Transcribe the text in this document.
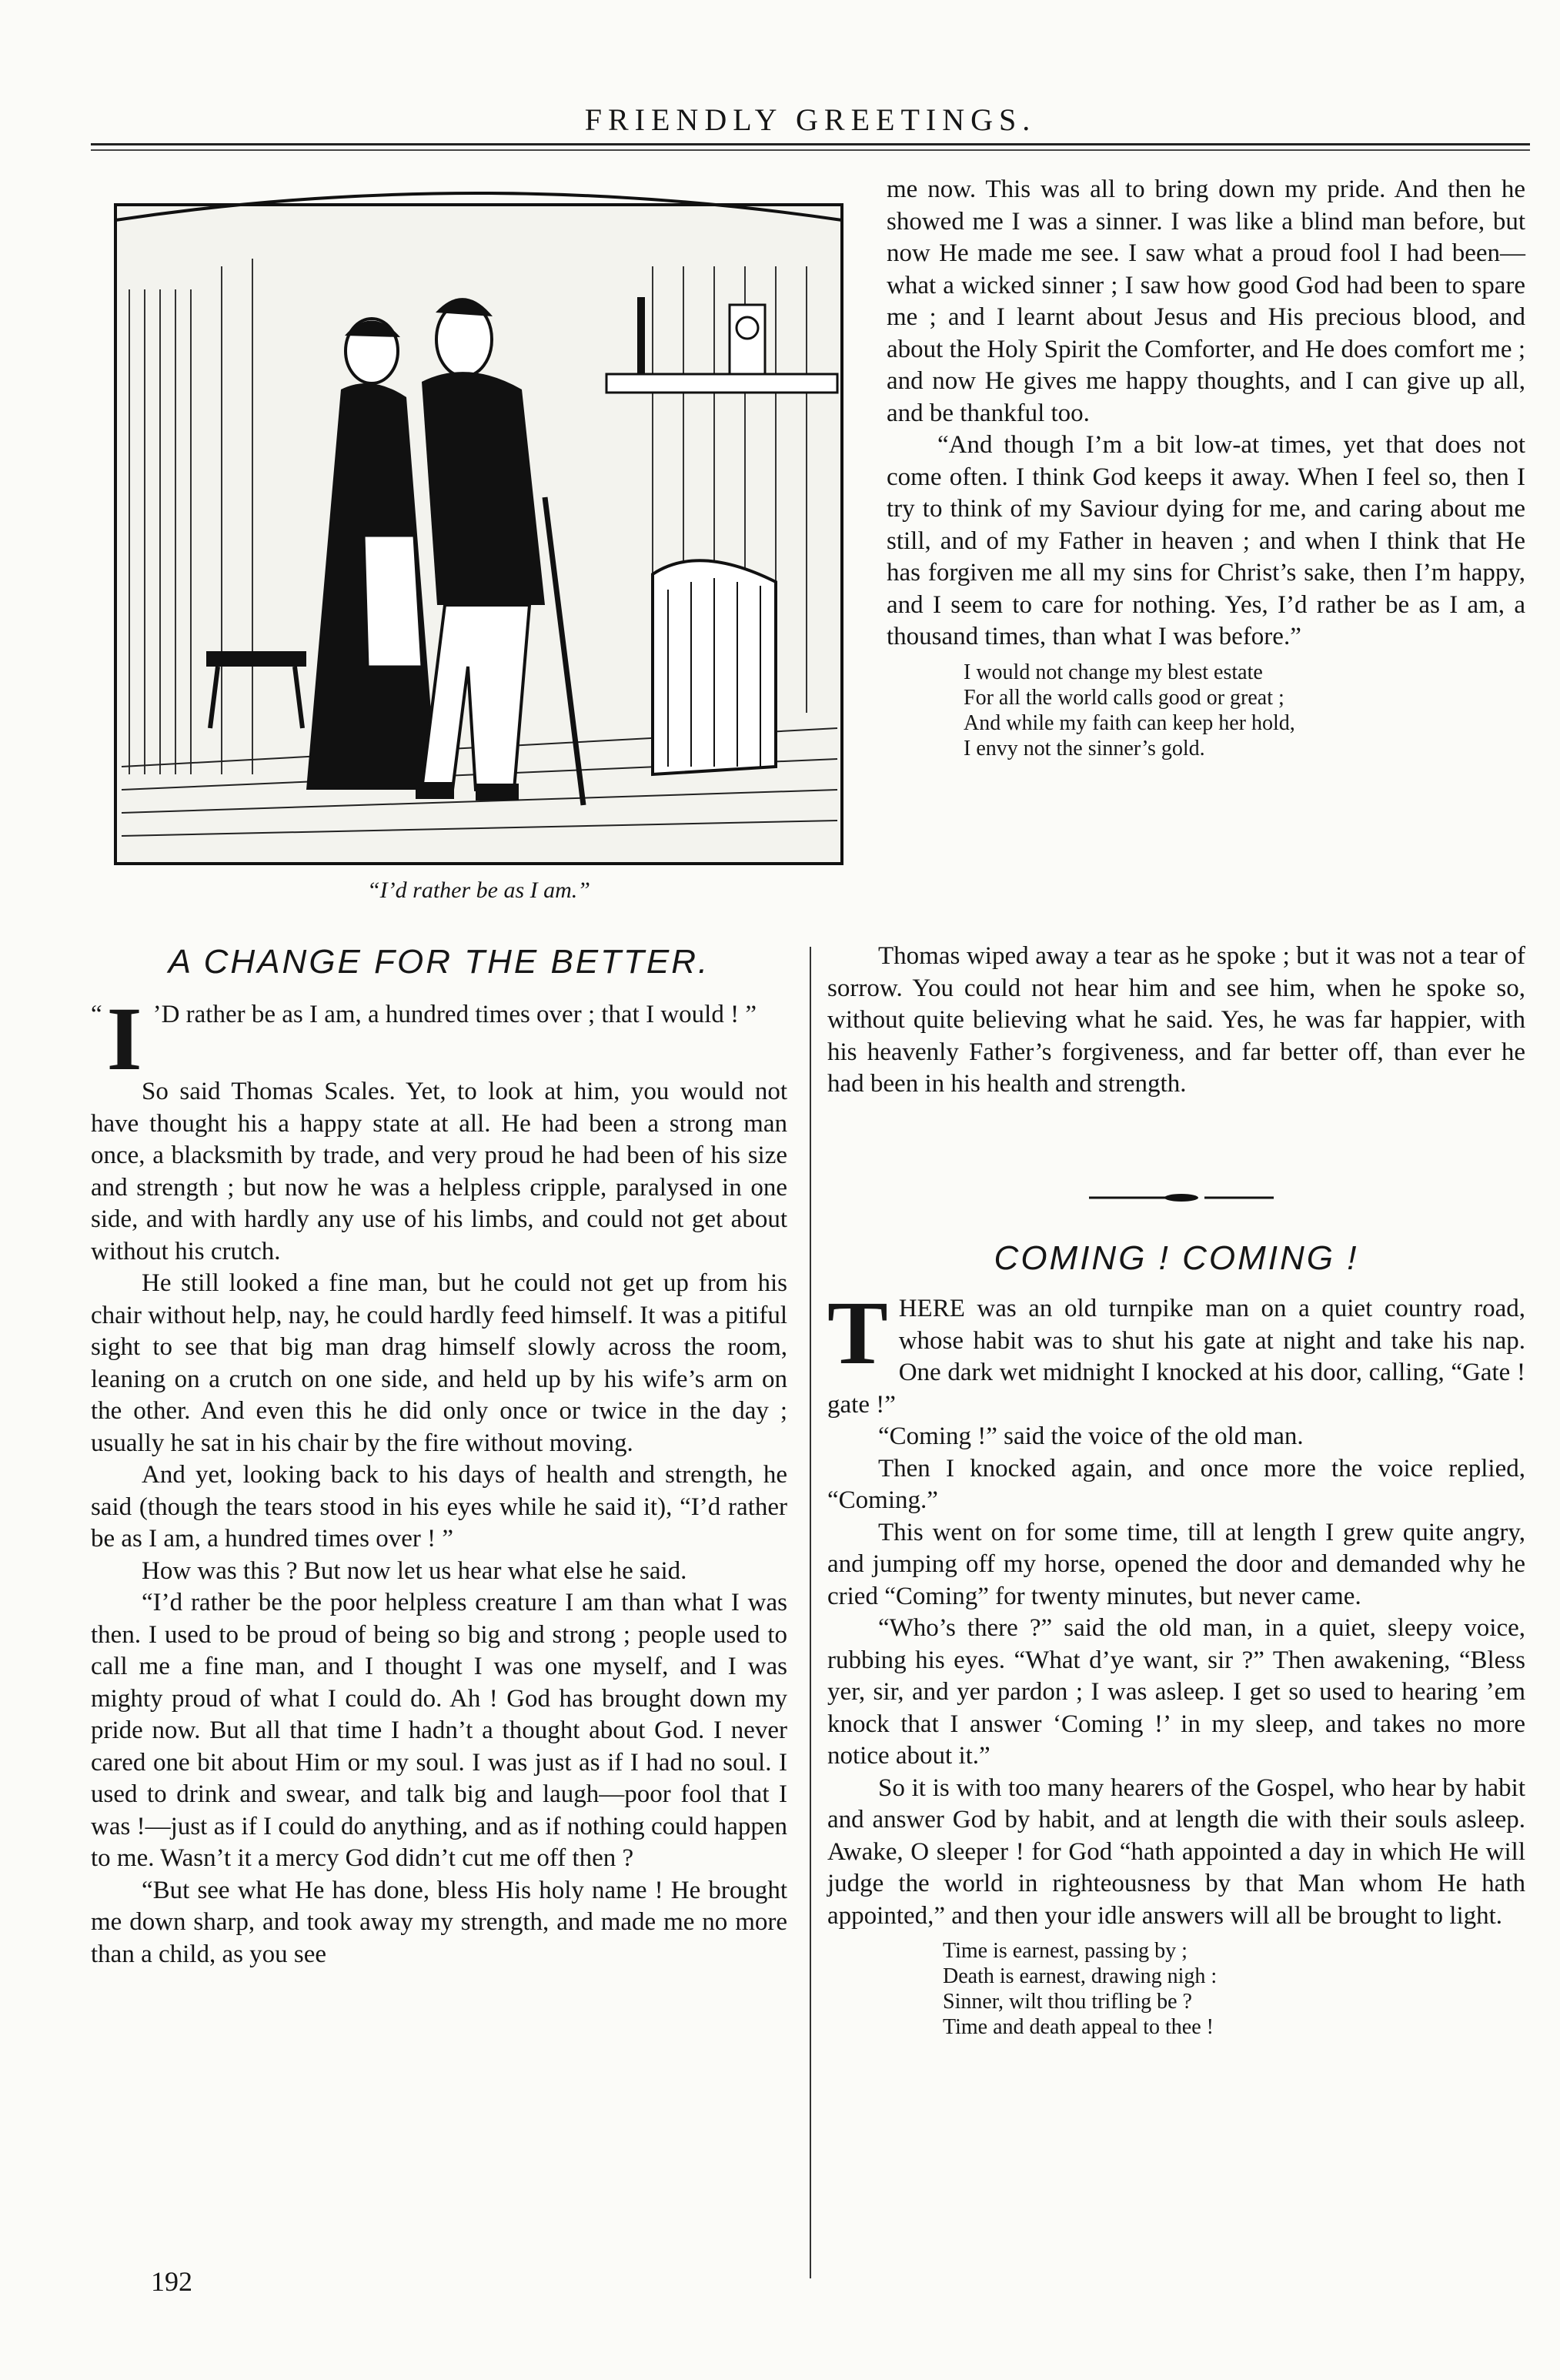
FRIENDLY GREETINGS.
“I’d rather be as I am.”
A CHANGE FOR THE BETTER.

“ I ’D rather be as I am, a hundred times over ; that I would ! ”

So said Thomas Scales. Yet, to look at him, you would not have thought his a happy state at all. He had been a strong man once, a blacksmith by trade, and very proud he had been of his size and strength ; but now he was a helpless cripple, paralysed in one side, and with hardly any use of his limbs, and could not get about without his crutch.

He still looked a fine man, but he could not get up from his chair without help, nay, he could hardly feed himself. It was a pitiful sight to see that big man drag himself slowly across the room, leaning on a crutch on one side, and held up by his wife’s arm on the other. And even this he did only once or twice in the day ; usually he sat in his chair by the fire without moving.

And yet, looking back to his days of health and strength, he said (though the tears stood in his eyes while he said it), “I’d rather be as I am, a hundred times over ! ”

How was this ? But now let us hear what else he said.

“I’d rather be the poor helpless creature I am than what I was then. I used to be proud of being so big and strong ; people used to call me a fine man, and I thought I was one myself, and I was mighty proud of what I could do. Ah ! God has brought down my pride now. But all that time I hadn’t a thought about God. I never cared one bit about Him or my soul. I was just as if I had no soul. I used to drink and swear, and talk big and laugh—poor fool that I was !—just as if I could do anything, and as if nothing could happen to me. Wasn’t it a mercy God didn’t cut me off then ?

“But see what He has done, bless His holy name ! He brought me down sharp, and took away my strength, and made me no more than a child, as you see

me now. This was all to bring down my pride. And then he showed me I was a sinner. I was like a blind man before, but now He made me see. I saw what a proud fool I had been—what a wicked sinner ; I saw how good God had been to spare me ; and I learnt about Jesus and His precious blood, and about the Holy Spirit the Comforter, and He does comfort me ; and now He gives me happy thoughts, and I can give up all, and be thankful too.

“And though I’m a bit low-at times, yet that does not come often. I think God keeps it away. When I feel so, then I try to think of my Saviour dying for me, and caring about me still, and of my Father in heaven ; and when I think that He has forgiven me all my sins for Christ’s sake, then I’m happy, and I seem to care for nothing. Yes, I’d rather be as I am, a thousand times, than what I was before.”

I would not change my blest estate
For all the world calls good or great ;
And while my faith can keep her hold,
I envy not the sinner’s gold.

Thomas wiped away a tear as he spoke ; but it was not a tear of sorrow. You could not hear him and see him, when he spoke so, without quite believing what he said. Yes, he was far happier, with his heavenly Father’s forgiveness, and far better off, than ever he had been in his health and strength.

COMING ! COMING !

T HERE was an old turnpike man on a quiet country road, whose habit was to shut his gate at night and take his nap. One dark wet midnight I knocked at his door, calling, “Gate ! gate !”

“Coming !” said the voice of the old man.

Then I knocked again, and once more the voice replied, “Coming.”

This went on for some time, till at length I grew quite angry, and jumping off my horse, opened the door and demanded why he cried “Coming” for twenty minutes, but never came.

“Who’s there ?” said the old man, in a quiet, sleepy voice, rubbing his eyes. “What d’ye want, sir ?” Then awakening, “Bless yer, sir, and yer pardon ; I was asleep. I get so used to hearing ’em knock that I answer ‘Coming !’ in my sleep, and takes no more notice about it.”

So it is with too many hearers of the Gospel, who hear by habit and answer God by habit, and at length die with their souls asleep. Awake, O sleeper ! for God “hath appointed a day in which He will judge the world in righteousness by that Man whom He hath appointed,” and then your idle answers will all be brought to light.

Time is earnest, passing by ;
Death is earnest, drawing nigh :
Sinner, wilt thou trifling be ?
Time and death appeal to thee !
192
